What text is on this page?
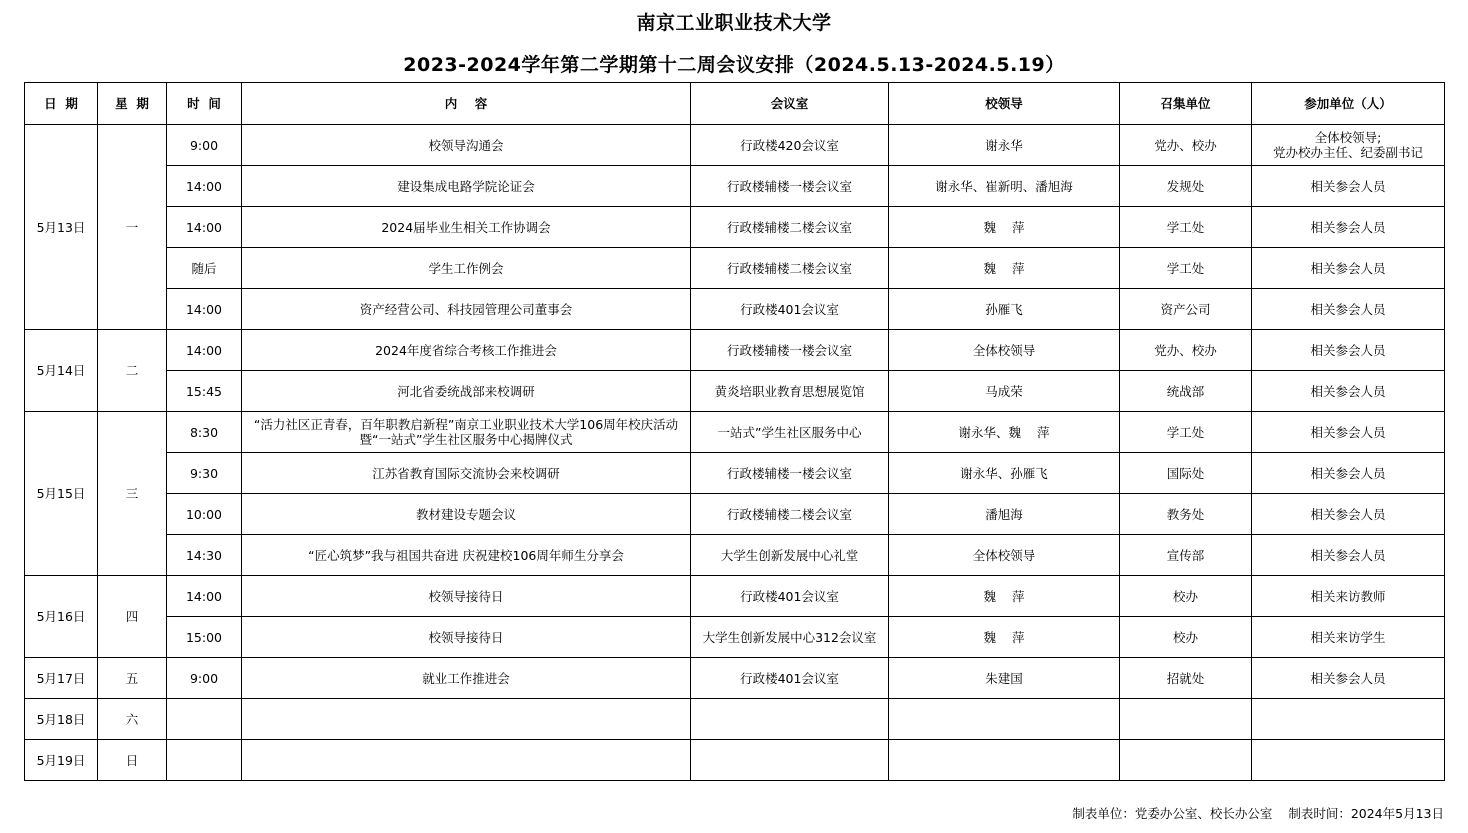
南京工业职业技术大学
2023-2024学年第二学期第十二周会议安排（2024.5.13-2024.5.19）
日  期	星  期	时  间	内    容	会议室	校领导	召集单位	参加单位（人）
5月13日	一	9:00	校领导沟通会	行政楼420会议室	谢永华	党办、校办	全体校领导;
党办校办主任、纪委副书记
		14:00	建设集成电路学院论证会	行政楼辅楼一楼会议室	谢永华、崔新明、潘旭海	发规处	相关参会人员
		14:00	2024届毕业生相关工作协调会	行政楼辅楼二楼会议室	魏    萍	学工处	相关参会人员
		随后	学生工作例会	行政楼辅楼二楼会议室	魏    萍	学工处	相关参会人员
		14:00	资产经营公司、科技园管理公司董事会	行政楼401会议室	孙雁飞	资产公司	相关参会人员
5月14日	二	14:00	2024年度省综合考核工作推进会	行政楼辅楼一楼会议室	全体校领导	党办、校办	相关参会人员
		15:45	河北省委统战部来校调研	黄炎培职业教育思想展览馆	马成荣	统战部	相关参会人员
5月15日	三	8:30	“活力社区正青春，百年职教启新程”南京工业职业技术大学106周年校庆活动暨“一站式”学生社区服务中心揭牌仪式	一站式”学生社区服务中心	谢永华、魏    萍	学工处	相关参会人员
		9:30	江苏省教育国际交流协会来校调研	行政楼辅楼一楼会议室	谢永华、孙雁飞	国际处	相关参会人员
		10:00	教材建设专题会议	行政楼辅楼二楼会议室	潘旭海	教务处	相关参会人员
		14:30	“匠心筑梦”我与祖国共奋进 庆祝建校106周年师生分享会	大学生创新发展中心礼堂	全体校领导	宣传部	相关参会人员
5月16日	四	14:00	校领导接待日	行政楼401会议室	魏    萍	校办	相关来访教师
		15:00	校领导接待日	大学生创新发展中心312会议室	魏    萍	校办	相关来访学生
5月17日	五	9:00	就业工作推进会	行政楼401会议室	朱建国	招就处	相关参会人员
5月18日	六						
5月19日	日						
制表单位：党委办公室、校长办公室 制表时间：2024年5月13日
